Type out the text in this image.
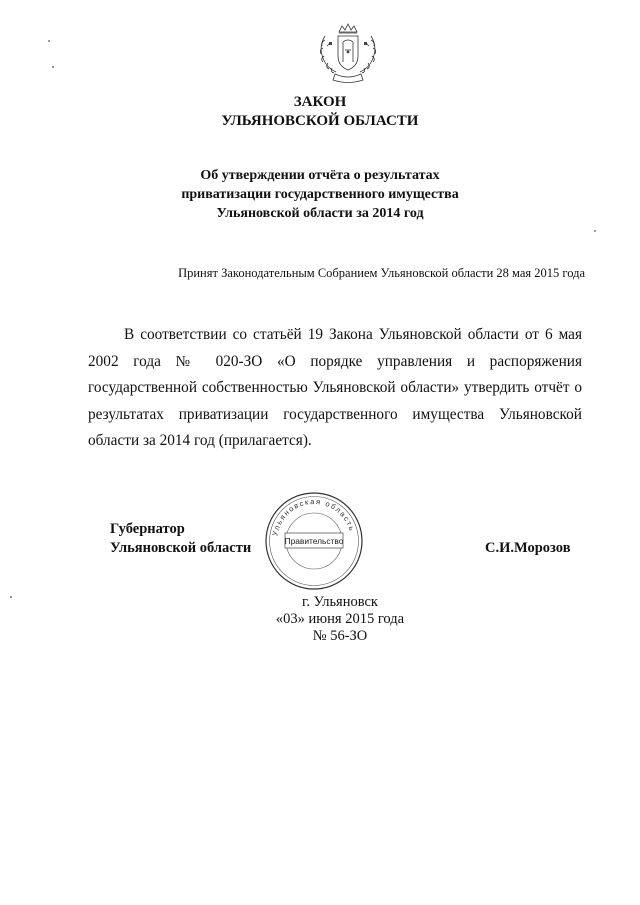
ЗАКОН
УЛЬЯНОВСКОЙ ОБЛАСТИ
Об утверждении отчёта о результатах
приватизации государственного имущества
Ульяновской области за 2014 год
Принят Законодательным Собранием Ульяновской области 28 мая 2015 года
В соответствии со статьёй 19 Закона Ульяновской области от 6 мая 2002 года № 020-ЗО «О порядке управления и распоряжения государственной собственностью Ульяновской области» утвердить отчёт о результатах приватизации государственного имущества Ульяновской области за 2014 год (прилагается).
Губернатор
Ульяновской области
Ульяновская область
Правительство	С.И.Морозов
г. Ульяновск
«03» июня 2015 года
№ 56-ЗО
